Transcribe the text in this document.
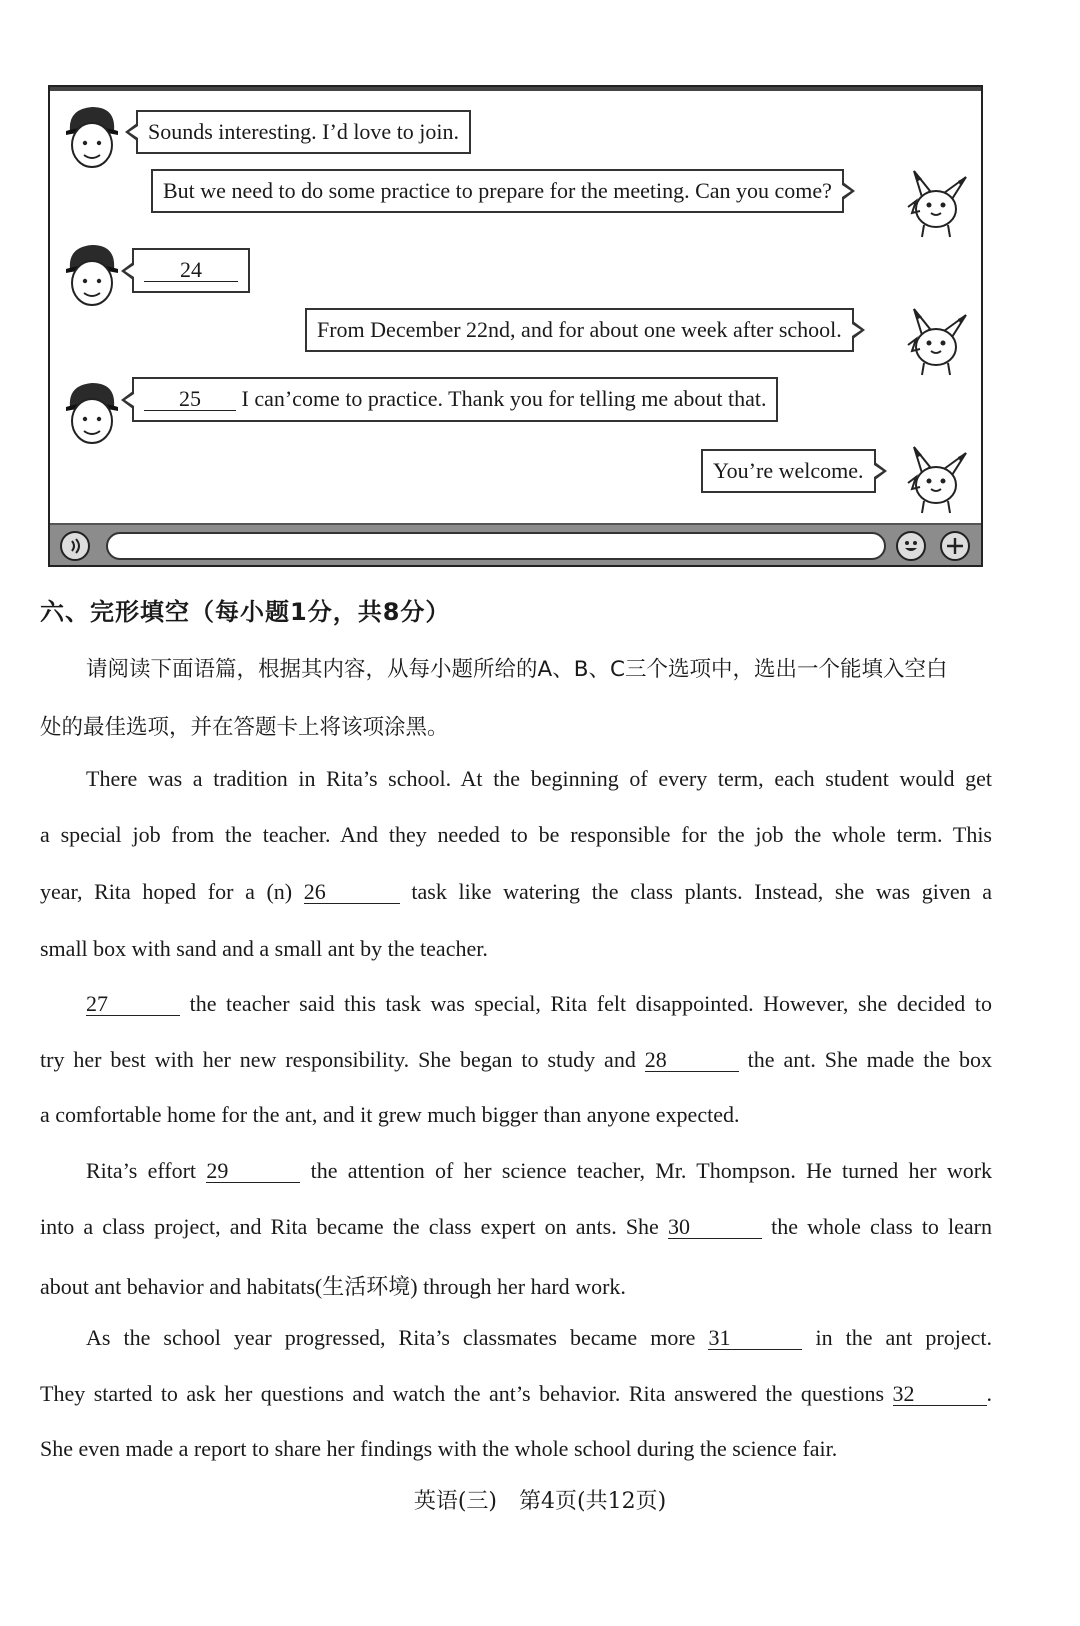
Sounds interesting. I’d love to join.
But we need to do some practice to prepare for the meeting. Can you come?
24
From December 22nd, and for about one week after school.
25 I can’come to practice. Thank you for telling me about that.
You’re welcome.
六、完形填空（每小题1分，共8分）
请阅读下面语篇，根据其内容，从每小题所给的A、B、C三个选项中，选出一个能填入空白
处的最佳选项，并在答题卡上将该项涂黑。
There was a tradition in Rita’s school. At the beginning of every term, each student would get
a special job from the teacher. And they needed to be responsible for the job the whole term. This
year, Rita hoped for a (n) 26	task like watering the class plants. Instead, she was given a
small box with sand and a small ant by the teacher.
27	the teacher said this task was special, Rita felt disappointed. However, she decided to
try her best with her new responsibility. She began to study and 28	the ant. She made the box
a comfortable home for the ant, and it grew much bigger than anyone expected.
Rita’s effort 29	the attention of her science teacher, Mr. Thompson. He turned her work
into a class project, and Rita became the class expert on ants. She 30	the whole class to learn
about ant behavior and habitats(生活环境) through her hard work.
As the school year progressed, Rita’s classmates became more 31	in the ant project.
They started to ask her questions and watch the ant’s behavior. Rita answered the questions 32	.
She even made a report to share her findings with the whole school during the science fair.
英语(三)　第4页(共12页)
